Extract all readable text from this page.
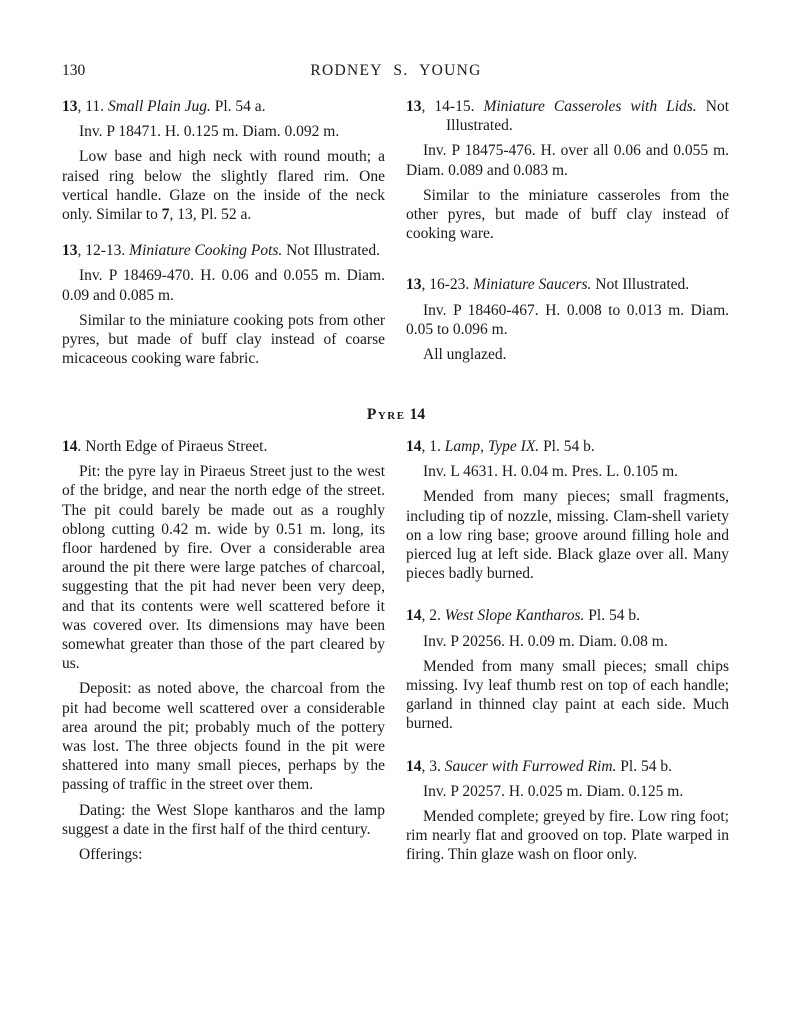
130	RODNEY S. YOUNG

13, 11. Small Plain Jug. Pl. 54 a.

Inv. P 18471. H. 0.125 m. Diam. 0.092 m.

Low base and high neck with round mouth; a raised ring below the slightly flared rim. One vertical handle. Glaze on the inside of the neck only. Similar to 7, 13, Pl. 52 a.

13, 12-13. Miniature Cooking Pots. Not Illustrated.

Inv. P 18469-470. H. 0.06 and 0.055 m. Diam. 0.09 and 0.085 m.

Similar to the miniature cooking pots from other pyres, but made of buff clay instead of coarse micaceous cooking ware fabric.

13, 14-15. Miniature Casseroles with Lids. Not Illustrated.

Inv. P 18475-476. H. over all 0.06 and 0.055 m. Diam. 0.089 and 0.083 m.

Similar to the miniature casseroles from the other pyres, but made of buff clay instead of cooking ware.

13, 16-23. Miniature Saucers. Not Illustrated.

Inv. P 18460-467. H. 0.008 to 0.013 m. Diam. 0.05 to 0.096 m.

All unglazed.

Pyre 14

14. North Edge of Piraeus Street.

Pit: the pyre lay in Piraeus Street just to the west of the bridge, and near the north edge of the street. The pit could barely be made out as a roughly oblong cutting 0.42 m. wide by 0.51 m. long, its floor hardened by fire. Over a considerable area around the pit there were large patches of charcoal, suggesting that the pit had never been very deep, and that its contents were well scattered before it was covered over. Its dimensions may have been somewhat greater than those of the part cleared by us.

Deposit: as noted above, the charcoal from the pit had become well scattered over a considerable area around the pit; probably much of the pottery was lost. The three objects found in the pit were shattered into many small pieces, perhaps by the passing of traffic in the street over them.

Dating: the West Slope kantharos and the lamp suggest a date in the first half of the third century.

Offerings:

14, 1. Lamp, Type IX. Pl. 54 b.

Inv. L 4631. H. 0.04 m. Pres. L. 0.105 m.

Mended from many pieces; small fragments, including tip of nozzle, missing. Clam-shell variety on a low ring base; groove around filling hole and pierced lug at left side. Black glaze over all. Many pieces badly burned.

14, 2. West Slope Kantharos. Pl. 54 b.

Inv. P 20256. H. 0.09 m. Diam. 0.08 m.

Mended from many small pieces; small chips missing. Ivy leaf thumb rest on top of each handle; garland in thinned clay paint at each side. Much burned.

14, 3. Saucer with Furrowed Rim. Pl. 54 b.

Inv. P 20257. H. 0.025 m. Diam. 0.125 m.

Mended complete; greyed by fire. Low ring foot; rim nearly flat and grooved on top. Plate warped in firing. Thin glaze wash on floor only.
